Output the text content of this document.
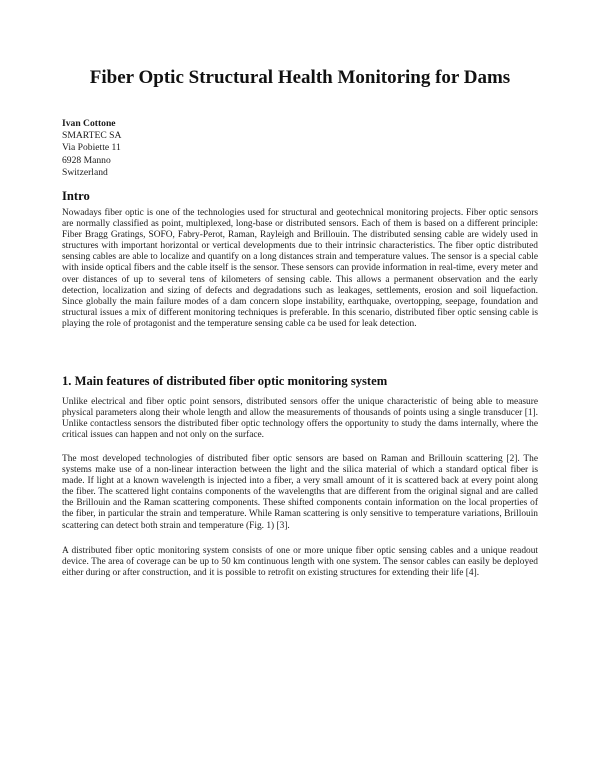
Fiber Optic Structural Health Monitoring for Dams
Ivan Cottone
SMARTEC SA
Via Pobiette 11
6928 Manno
Switzerland
Intro
Nowadays fiber optic is one of the technologies used for structural and geotechnical monitoring projects. Fiber optic sensors are normally classified as point, multiplexed, long-base or distributed sensors. Each of them is based on a different principle: Fiber Bragg Gratings, SOFO, Fabry-Perot, Raman, Rayleigh and Brillouin. The distributed sensing cable are widely used in structures with important horizontal or vertical developments due to their intrinsic characteristics. The fiber optic distributed sensing cables are able to localize and quantify on a long distances strain and temperature values. The sensor is a special cable with inside optical fibers and the cable itself is the sensor. These sensors can provide information in real-time, every meter and over distances of up to several tens of kilometers of sensing cable. This allows a permanent observation and the early detection, localization and sizing of defects and degradations such as leakages, settlements, erosion and soil liquefaction. Since globally the main failure modes of a dam concern slope instability, earthquake, overtopping, seepage, foundation and structural issues a mix of different monitoring techniques is preferable. In this scenario, distributed fiber optic sensing cable is playing the role of protagonist and the temperature sensing cable ca be used for leak detection.
1. Main features of distributed fiber optic monitoring system
Unlike electrical and fiber optic point sensors, distributed sensors offer the unique characteristic of being able to measure physical parameters along their whole length and allow the measurements of thousands of points using a single transducer [1]. Unlike contactless sensors the distributed fiber optic technology offers the opportunity to study the dams internally, where the critical issues can happen and not only on the surface.
The most developed technologies of distributed fiber optic sensors are based on Raman and Brillouin scattering [2]. The systems make use of a non-linear interaction between the light and the silica material of which a standard optical fiber is made. If light at a known wavelength is injected into a fiber, a very small amount of it is scattered back at every point along the fiber. The scattered light contains components of the wavelengths that are different from the original signal and are called the Brillouin and the Raman scattering components. These shifted components contain information on the local properties of the fiber, in particular the strain and temperature. While Raman scattering is only sensitive to temperature variations, Brillouin scattering can detect both strain and temperature (Fig. 1) [3].
A distributed fiber optic monitoring system consists of one or more unique fiber optic sensing cables and a unique readout device. The area of coverage can be up to 50 km continuous length with one system. The sensor cables can easily be deployed either during or after construction, and it is possible to retrofit on existing structures for extending their life [4].
